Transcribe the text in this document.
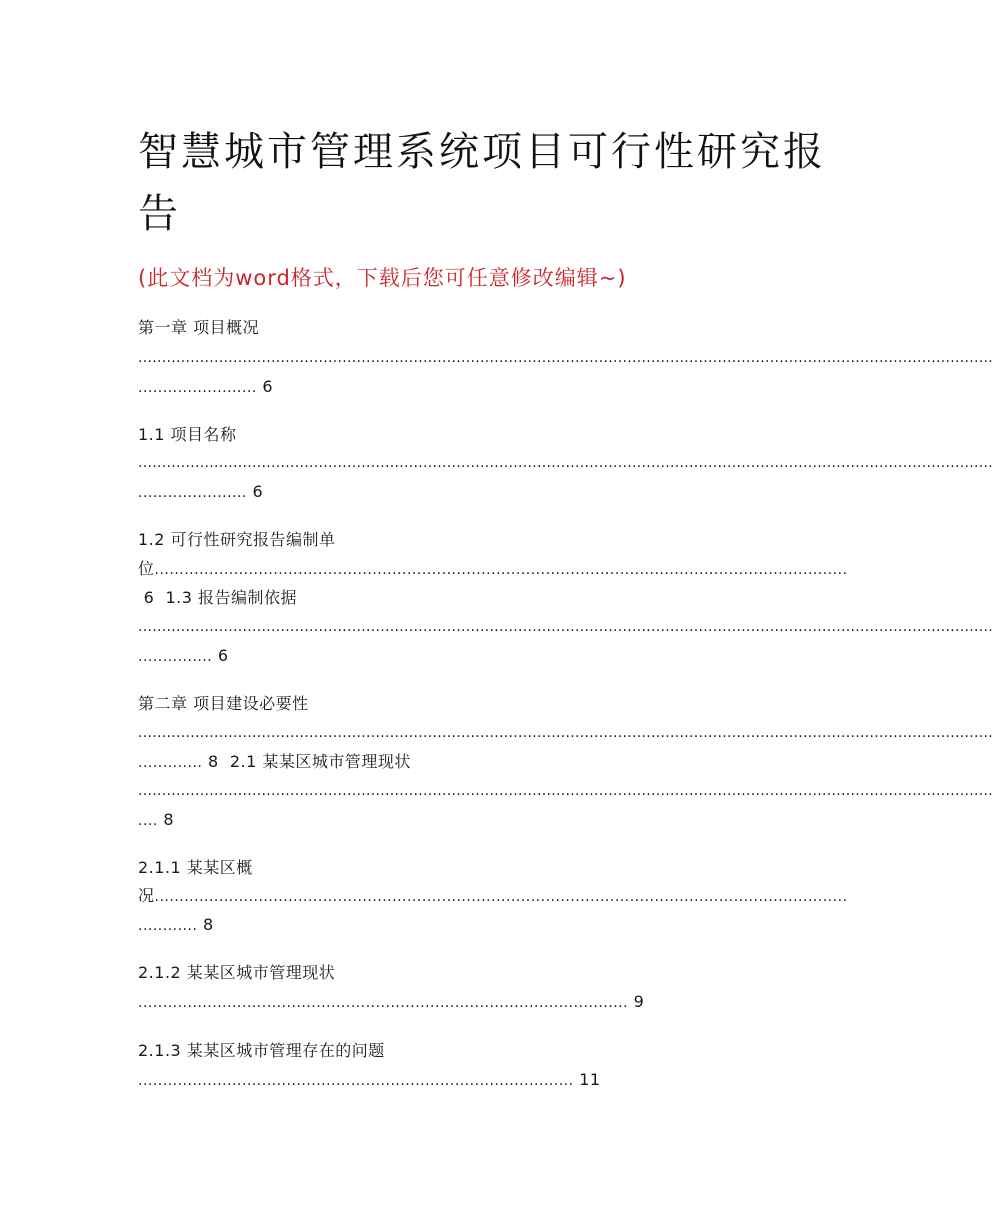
智慧城市管理系统项目可行性研究报
告

(此文档为word格式，下载后您可任意修改编辑~)

第一章 项目概况
....................................................................................................................................................................................
........................ 6
1.1 项目名称
....................................................................................................................................................................................
...................... 6
1.2 可行性研究报告编制单
位............................................................................................................................................
6 1.3 报告编制依据
....................................................................................................................................................................................
............... 6
第二章 项目建设必要性
....................................................................................................................................................................................
............. 8 2.1 某某区城市管理现状
....................................................................................................................................................................................
.... 8
2.1.1 某某区概
况............................................................................................................................................
............ 8
2.1.2 某某区城市管理现状
................................................................................................... 9
2.1.3 某某区城市管理存在的问题
........................................................................................ 11
